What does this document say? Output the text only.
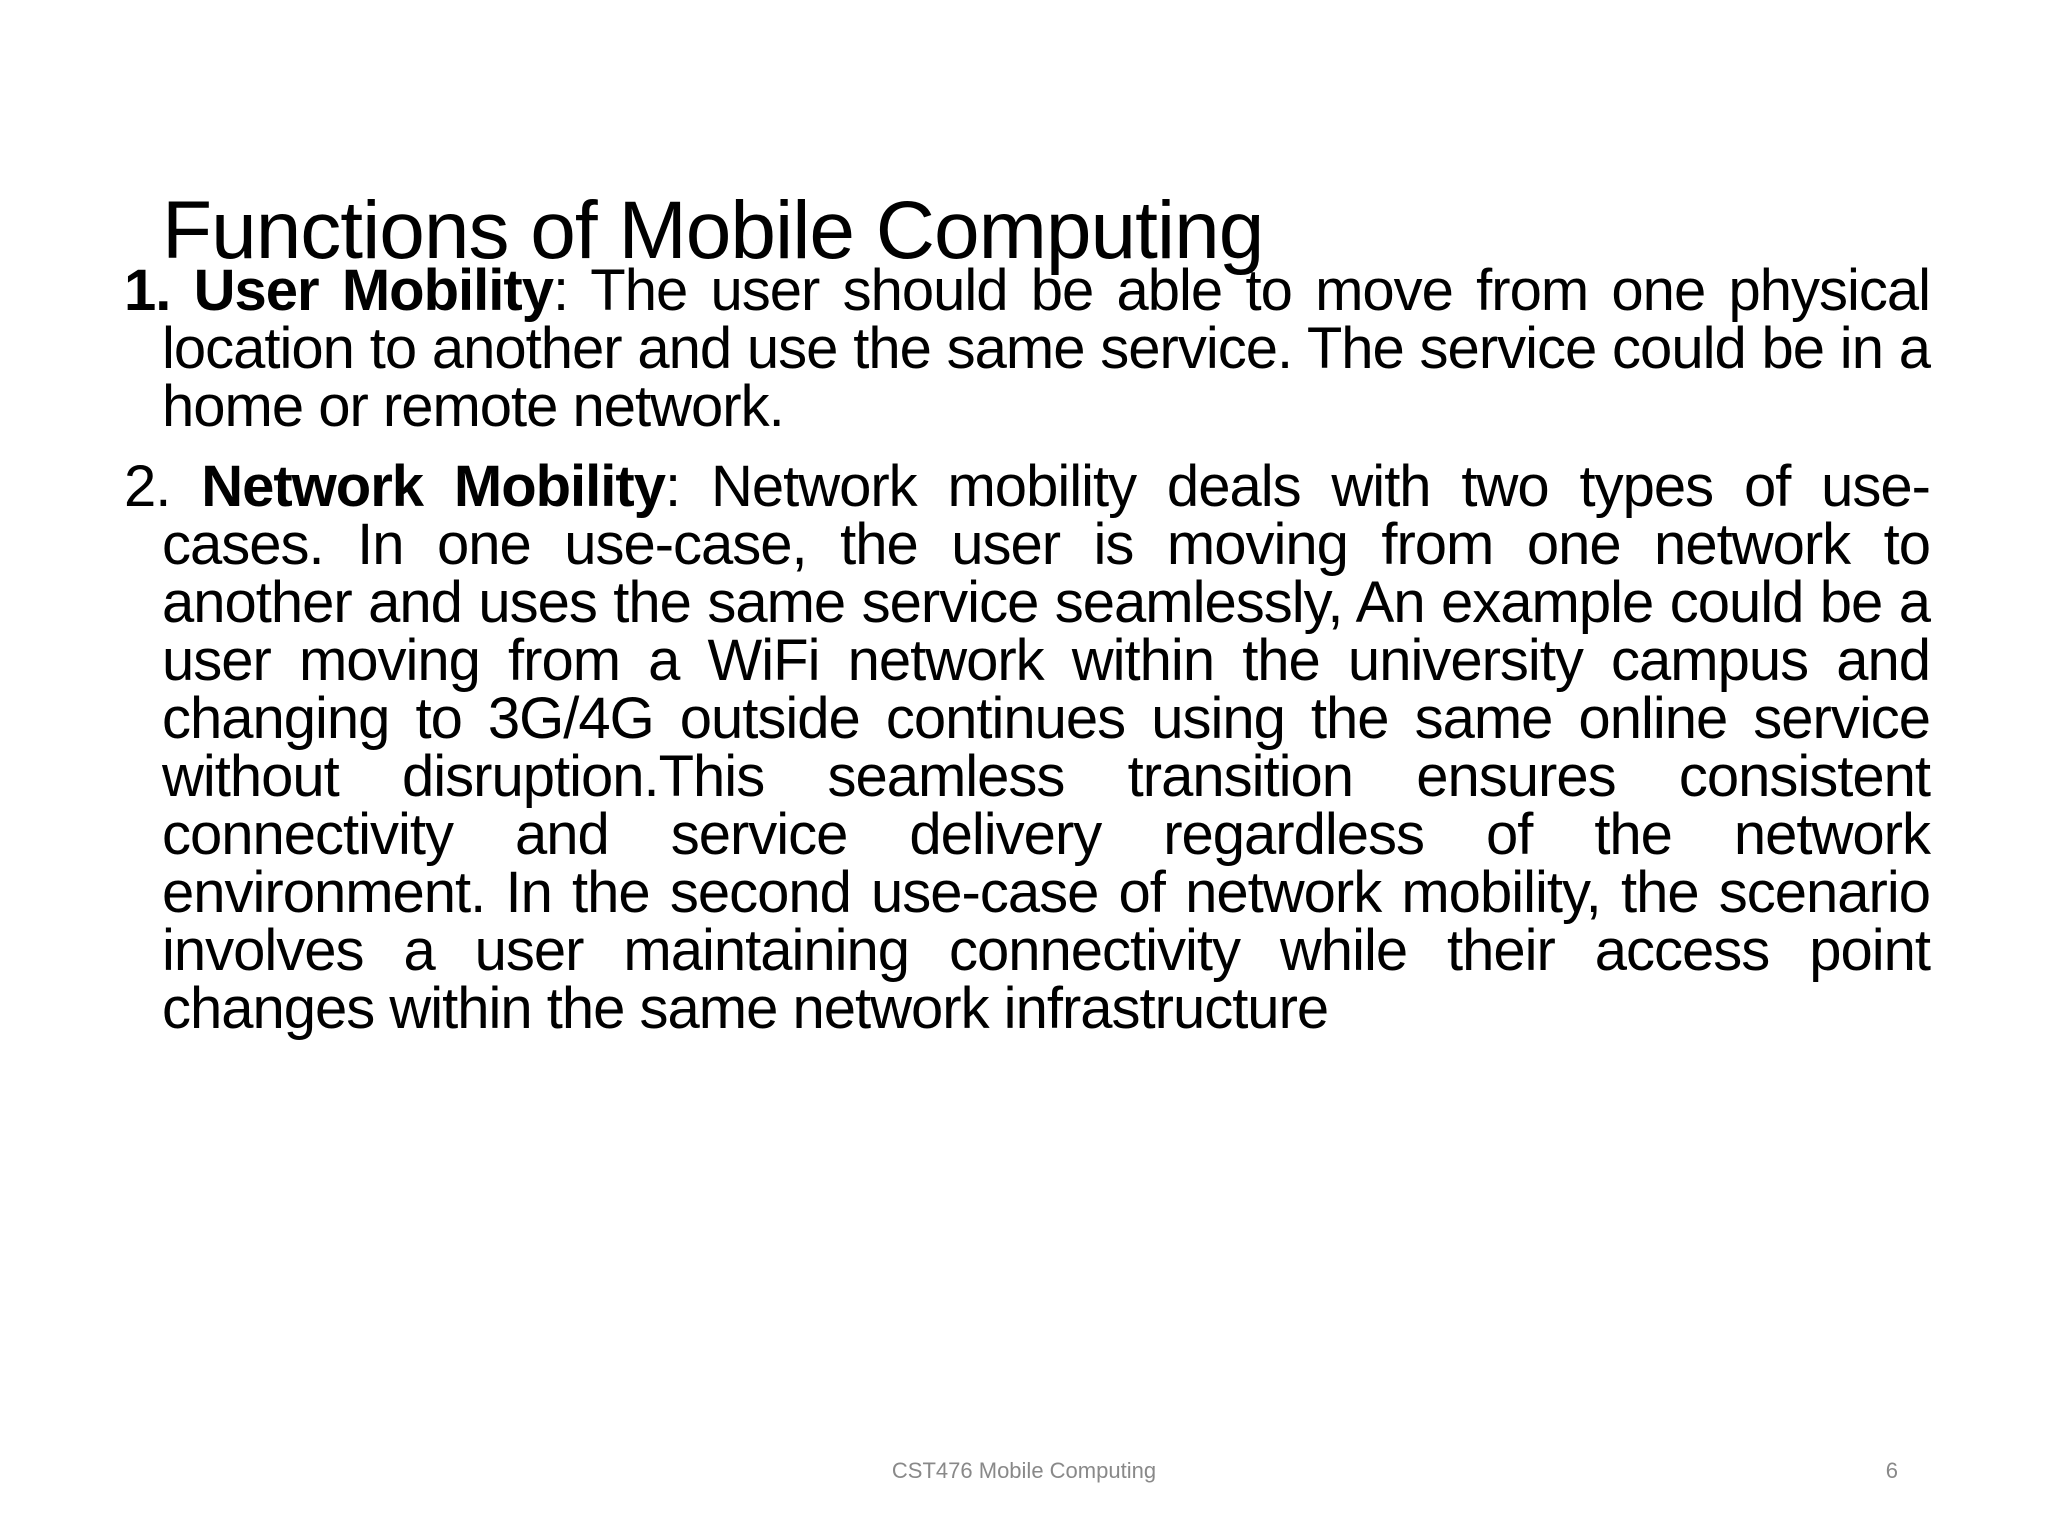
Functions of Mobile Computing

1. User Mobility: The user should be able to move from one physical location to another and use the same service. The service could be in a home or remote network.

2. Network Mobility: Network mobility deals with two types of use-cases. In one use-case, the user is moving from one network to another and uses the same service seamlessly, An example could be a user moving from a WiFi network within the university campus and changing to 3G/4G outside continues using the same online service without disruption.This seamless transition ensures consistent connectivity and service delivery regardless of the network environment. In the second use-case of network mobility, the scenario involves a user maintaining connectivity while their access point changes within the same network infrastructure

CST476 Mobile Computing	6
